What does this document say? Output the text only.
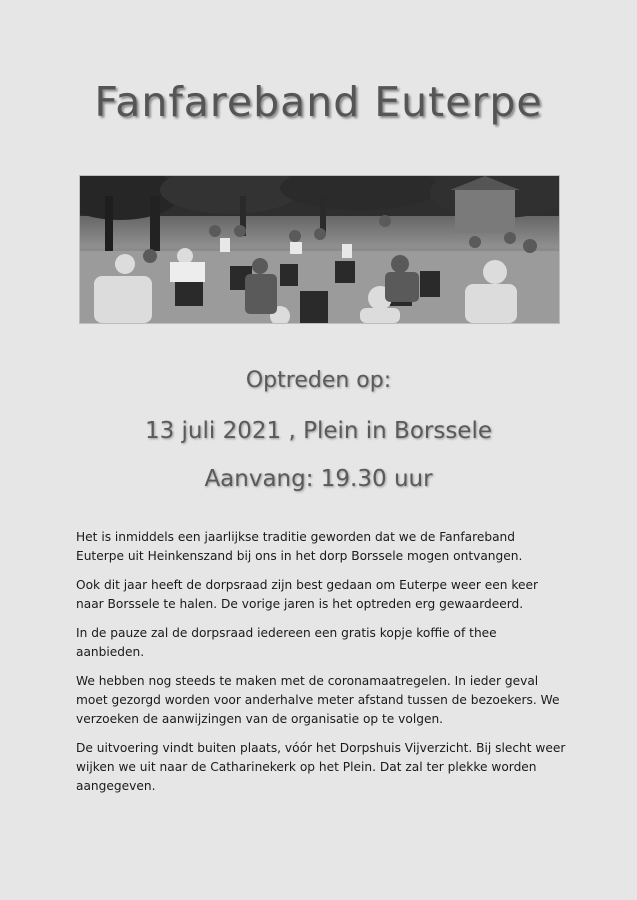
Fanfareband Euterpe
Optreden op:
13 juli 2021 , Plein in Borssele
Aanvang: 19.30 uur

Het is inmiddels een jaarlijkse traditie geworden dat we de Fanfareband Euterpe uit Heinkenszand bij ons in het dorp Borssele mogen ontvangen.

Ook dit jaar heeft de dorpsraad zijn best gedaan om Euterpe weer een keer naar Borssele te halen. De vorige jaren is het optreden erg gewaardeerd.

In de pauze zal de dorpsraad iedereen een gratis kopje koffie of thee aanbieden.

We hebben nog steeds te maken met de coronamaatregelen. In ieder geval moet gezorgd worden voor anderhalve meter afstand tussen de bezoekers. We verzoeken de aanwijzingen van de organisatie op te volgen.

De uitvoering vindt buiten plaats, vóór het Dorpshuis Vijverzicht. Bij slecht weer wijken we uit naar de Catharinekerk op het Plein. Dat zal ter plekke worden aangegeven.
